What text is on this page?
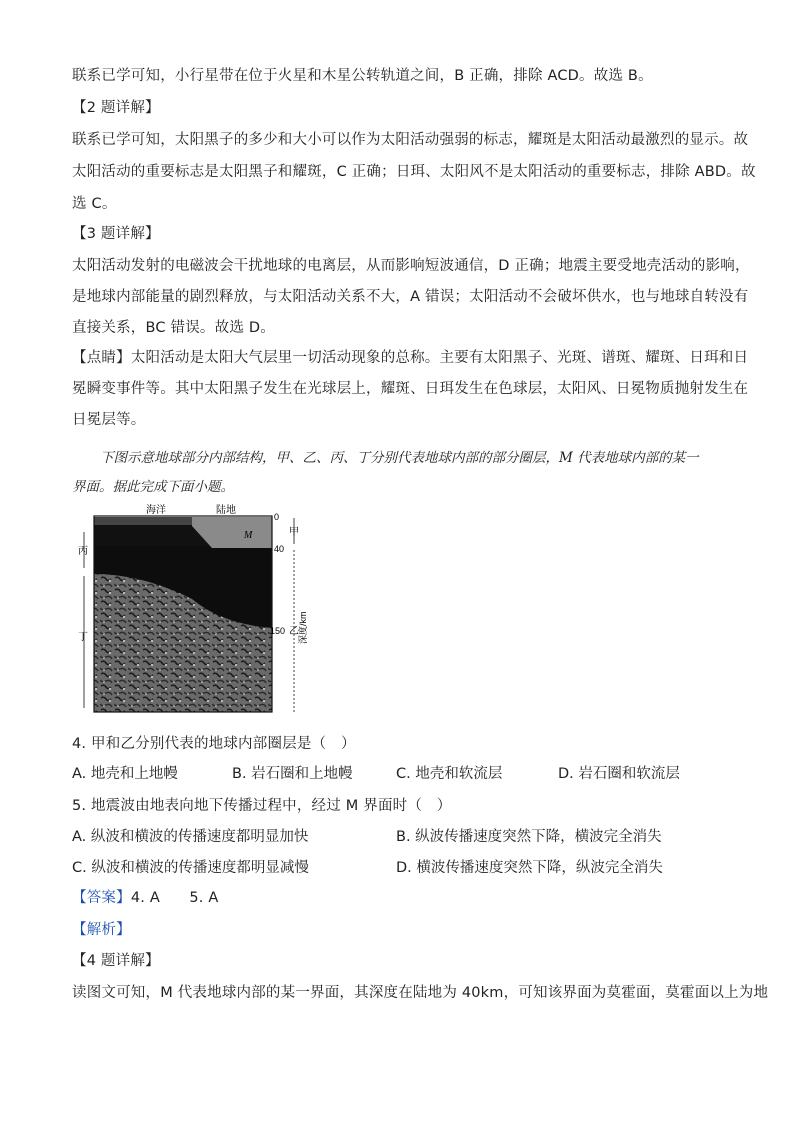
联系已学可知，小行星带在位于火星和木星公转轨道之间，B 正确，排除 ACD。故选 B。
【2 题详解】
联系已学可知，太阳黑子的多少和大小可以作为太阳活动强弱的标志，耀斑是太阳活动最激烈的显示。故
太阳活动的重要标志是太阳黑子和耀斑，C 正确；日珥、太阳风不是太阳活动的重要标志，排除 ABD。故
选 C。
【3 题详解】
太阳活动发射的电磁波会干扰地球的电离层，从而影响短波通信，D 正确；地震主要受地壳活动的影响，
是地球内部能量的剧烈释放，与太阳活动关系不大，A 错误；太阳活动不会破坏供水，也与地球自转没有
直接关系，BC 错误。故选 D。
【点睛】太阳活动是太阳大气层里一切活动现象的总称。主要有太阳黑子、光斑、谱斑、耀斑、日珥和日
冕瞬变事件等。其中太阳黑子发生在光球层上，耀斑、日珥发生在色球层，太阳风、日冕物质抛射发生在
日冕层等。
下图示意地球部分内部结构，甲、乙、丙、丁分别代表地球内部的部分圈层，M 代表地球内部的某一
界面。据此完成下面小题。
海洋	陆地
M
0
40
150
甲
乙 深度/km
丙
丁
4. 甲和乙分别代表的地球内部圈层是（　）
A. 地壳和上地幔	B. 岩石圈和上地幔	C. 地壳和软流层	D. 岩石圈和软流层
5. 地震波由地表向地下传播过程中，经过 M 界面时（　）
A. 纵波和横波的传播速度都明显加快	B. 纵波传播速度突然下降，横波完全消失
C. 纵波和横波的传播速度都明显减慢	D. 横波传播速度突然下降，纵波完全消失
【答案】4. A　　5. A
【解析】
【4 题详解】
读图文可知，M 代表地球内部的某一界面，其深度在陆地为 40km，可知该界面为莫霍面，莫霍面以上为地
